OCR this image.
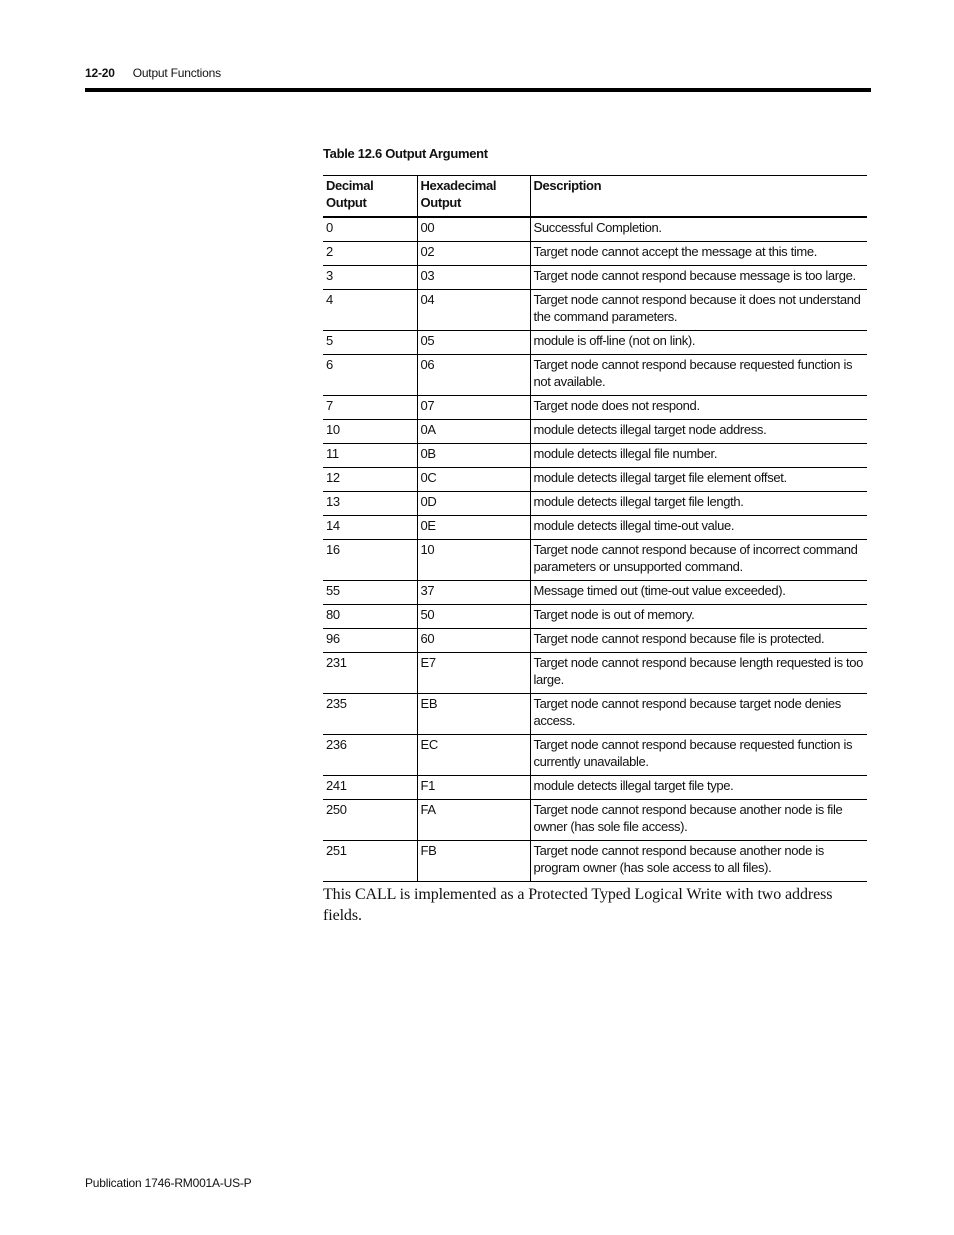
12-20 Output Functions
Table 12.6 Output Argument
Decimal Output	Hexadecimal Output	Description
0	00	Successful Completion.
2	02	Target node cannot accept the message at this time.
3	03	Target node cannot respond because message is too large.
4	04	Target node cannot respond because it does not understand the command parameters.
5	05	module is off-line (not on link).
6	06	Target node cannot respond because requested function is not available.
7	07	Target node does not respond.
10	0A	module detects illegal target node address.
11	0B	module detects illegal file number.
12	0C	module detects illegal target file element offset.
13	0D	module detects illegal target file length.
14	0E	module detects illegal time-out value.
16	10	Target node cannot respond because of incorrect command parameters or unsupported command.
55	37	Message timed out (time-out value exceeded).
80	50	Target node is out of memory.
96	60	Target node cannot respond because file is protected.
231	E7	Target node cannot respond because length requested is too large.
235	EB	Target node cannot respond because target node denies access.
236	EC	Target node cannot respond because requested function is currently unavailable.
241	F1	module detects illegal target file type.
250	FA	Target node cannot respond because another node is file owner (has sole file access).
251	FB	Target node cannot respond because another node is program owner (has sole access to all files).
This CALL is implemented as a Protected Typed Logical Write with two address fields.
Publication 1746-RM001A-US-P
